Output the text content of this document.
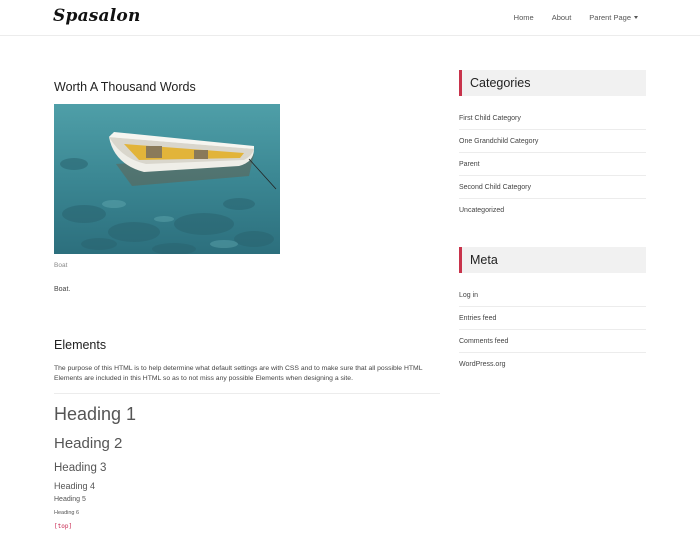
Spasalon	Home About Parent Page
Worth A Thousand Words
Boat
Boat.
Elements
The purpose of this HTML is to help determine what default settings are with CSS and to make sure that all possible HTML Elements are included in this HTML so as to not miss any possible Elements when designing a site.
Heading 1
Heading 2
Heading 3
Heading 4
Heading 5
Heading 6
[top]
Categories
First Child Category
One Grandchild Category
Parent
Second Child Category
Uncategorized
Meta
Log in
Entries feed
Comments feed
WordPress.org
